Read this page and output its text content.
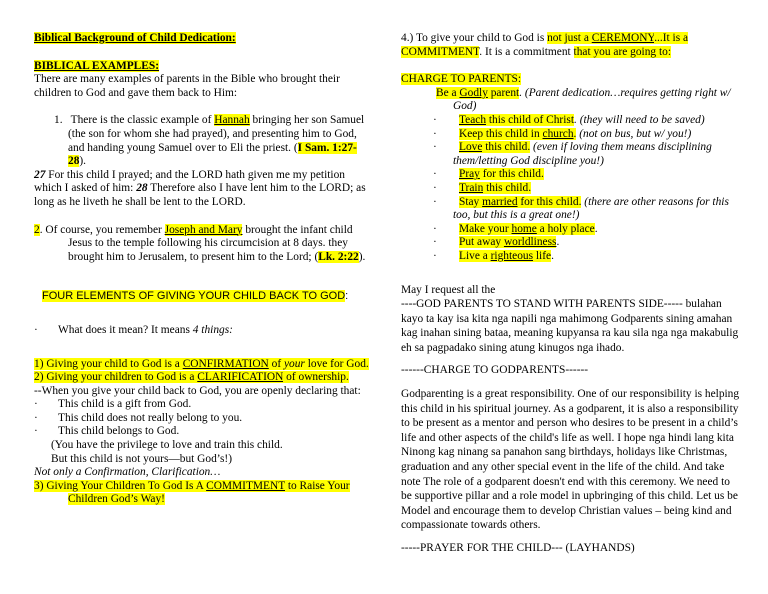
Biblical Background of Child Dedication:

BIBLICAL EXAMPLES:

There are many examples of parents in the Bible who brought their children to God and gave them back to Him:

1. There is the classic example of Hannah bringing her son Samuel (the son for whom she had prayed), and presenting him to God, and handing young Samuel over to Eli the priest. (I Sam. 1:27-28).

27 For this child I prayed; and the LORD hath given me my petition which I asked of him: 28 Therefore also I have lent him to the LORD; as long as he liveth he shall be lent to the LORD.

2. Of course, you remember Joseph and Mary brought the infant child Jesus to the temple following his circumcision at 8 days. they brought him to Jerusalem, to present him to the Lord; (Lk. 2:22).

FOUR ELEMENTS OF GIVING YOUR CHILD BACK TO GOD:

·	What does it mean? It means 4 things:

1) Giving your child to God is a CONFIRMATION of your love for God.

2) Giving your children to God is a CLARIFICATION of ownership.

--When you give your child back to God, you are openly declaring that:

·	This child is a gift from God.

·	This child does not really belong to you.

·	This child belongs to God.

(You have the privilege to love and train this child.

But this child is not yours—but God’s!)

Not only a Confirmation, Clarification…

3) Giving Your Children To God Is A COMMITMENT to Raise Your Children God’s Way!

4.) To give your child to God is not just a CEREMONY...It is a COMMITMENT. It is a commitment that you are going to:

CHARGE TO PARENTS:

Be a Godly parent. (Parent dedication…requires getting right w/ God)

·	Teach this child of Christ. (they will need to be saved)

·	Keep this child in church. (not on bus, but w/ you!)

· Love this child. (even if loving them means disciplining them/letting God discipline you!)

·	Pray for this child.

·	Train this child.

· Stay married for this child. (there are other reasons for this too, but this is a great one!)

·	Make your home a holy place.

·	Put away worldliness.

·	Live a righteous life.

May I request all the

----GOD PARENTS TO STAND WITH PARENTS SIDE----- bulahan kayo ta kay isa kita nga napili nga mahimong Godparents sining amahan kag inahan sining bataa, meaning kupyansa ra kau sila nga nga makabulig eh sa pagpadako sining atung kinugos nga ihado.

------CHARGE TO GODPARENTS------

Godparenting is a great responsibility. One of our responsibility is helping this child in his spiritual journey. As a godparent, it is also a responsibility to be present as a mentor and person who desires to be present in a child’s life and other aspects of the child's life as well. I hope nga hindi lang kita Ninong kag ninang sa panahon sang birthdays, holidays like Christmas, graduation and any other special event in the life of the child. And take note The role of a godparent doesn't end with this ceremony. We need to be supportive pillar and a role model in upbringing of this child. Let us be Model and encourage them to develop Christian values – being kind and compassionate towards others.

-----PRAYER FOR THE CHILD--- (LAYHANDS)
